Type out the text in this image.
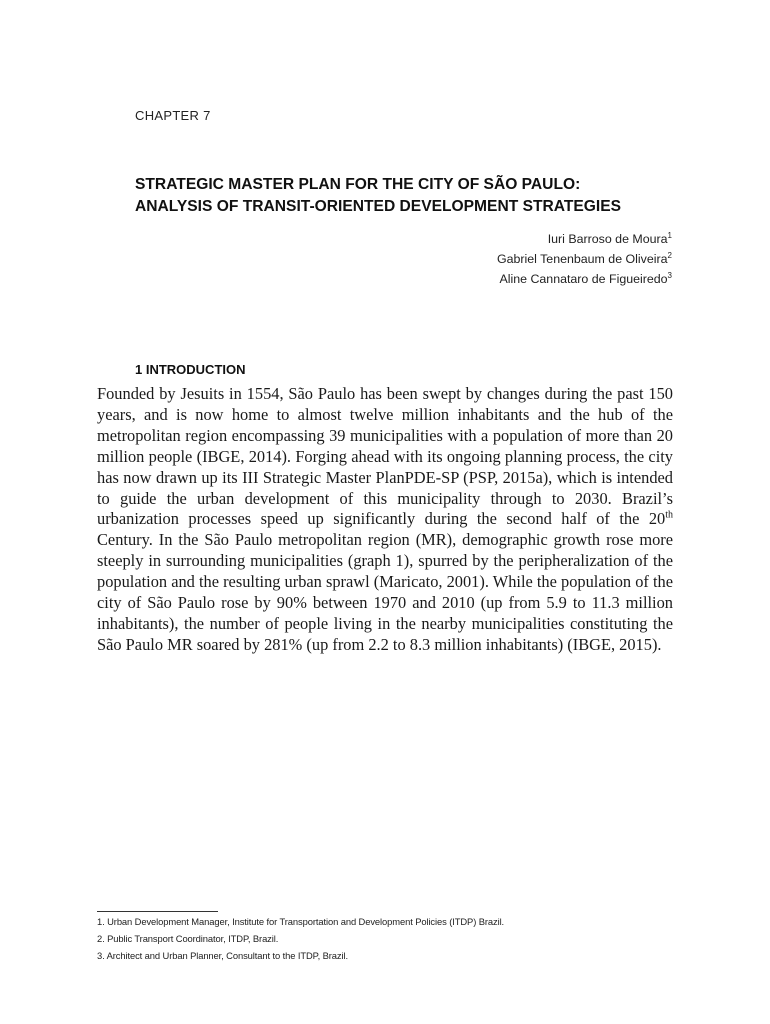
CHAPTER 7
STRATEGIC MASTER PLAN FOR THE CITY OF SÃO PAULO:
ANALYSIS OF TRANSIT-ORIENTED DEVELOPMENT STRATEGIES
Iuri Barroso de Moura$^1$
Gabriel Tenenbaum de Oliveira$^2$
Aline Cannataro de Figueiredo$^3$
1 INTRODUCTION
Founded by Jesuits in 1554, São Paulo has been swept by changes during the past 150 years, and is now home to almost twelve million inhabitants and the hub of the metropolitan region encompassing 39 municipalities with a population of more than 20 million people (IBGE, 2014). Forging ahead with its ongoing planning process, the city has now drawn up its III Strategic Master PlanPDE-SP (PSP, 2015a), which is intended to guide the urban development of this municipality through to 2030. Brazil’s urbanization processes speed up significantly during the second half of the 20th Century. In the São Paulo metropolitan region (MR), demographic growth rose more steeply in surrounding municipalities (graph 1), spurred by the peripheralization of the population and the resulting urban sprawl (Maricato, 2001). While the population of the city of São Paulo rose by 90% between 1970 and 2010 (up from 5.9 to 11.3 million inhabitants), the number of people living in the nearby municipalities constituting the São Paulo MR soared by 281% (up from 2.2 to 8.3 million inhabitants) (IBGE, 2015).
1. Urban Development Manager, Institute for Transportation and Development Policies (ITDP) Brazil.
2. Public Transport Coordinator, ITDP, Brazil.
3. Architect and Urban Planner, Consultant to the ITDP, Brazil.
